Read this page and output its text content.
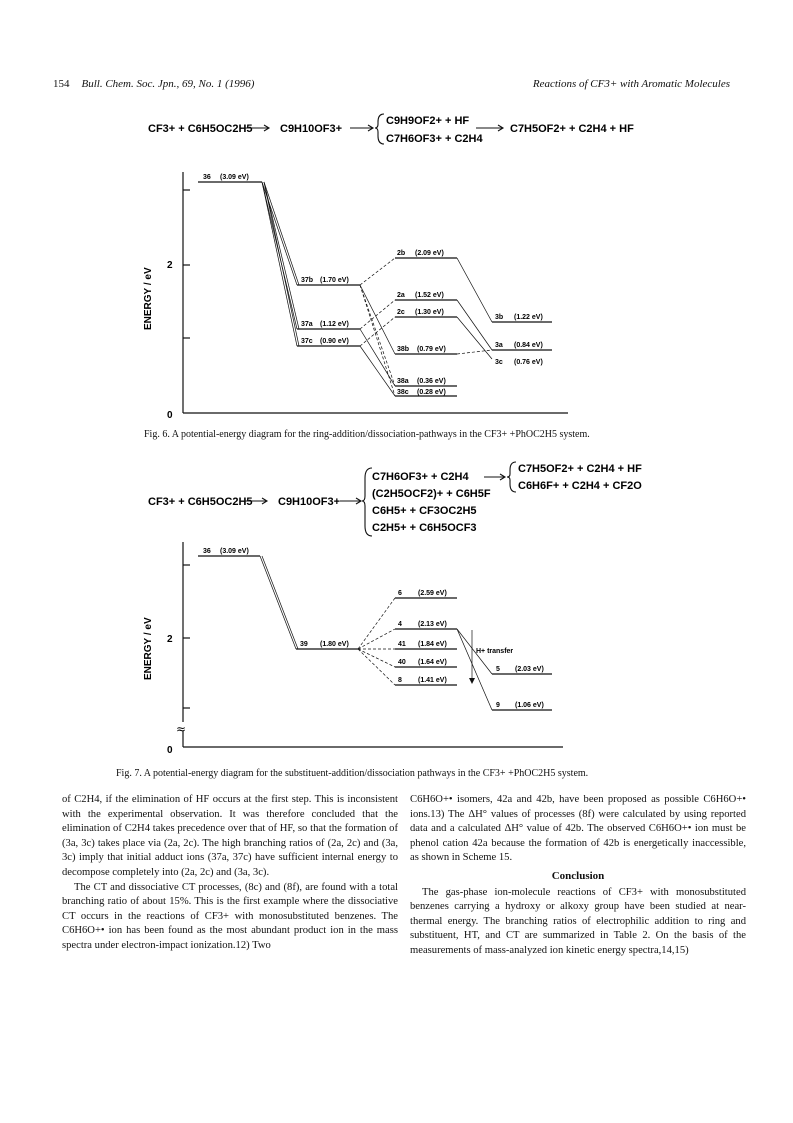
154 Bull. Chem. Soc. Jpn., 69, No. 1 (1996)	Reactions of CF3+ with Aromatic Molecules
CF3+ + C6H5OC2H5 C9H10OF3+
C9H9OF2+ + HF
C7H6OF3+ + C2H4
C7H5OF2+ + C2H4 + HF
ENERGY / eV
2
0
36 (3.09 eV)
2b (2.09 eV)
37b (1.70 eV)
2a (1.52 eV)
2c (1.30 eV)
3b (1.22 eV)
37a (1.12 eV)
37c (0.90 eV)
38b (0.79 eV)
3a (0.84 eV)
3c (0.76 eV)
38a (0.36 eV)
38c (0.28 eV)
Fig. 6. A potential-energy diagram for the ring-addition/dissociation-pathways in the CF3+ +PhOC2H5 system.
CF3+ + C6H5OC2H5 C9H10OF3+
C7H6OF3+ + C2H4
(C2H5OCF2)+ + C6H5F
C6H5+ + CF3OC2H5
C2H5+ + C6H5OCF3
C7H5OF2+ + C2H4 + HF
C6H6F+ + C2H4 + CF2O
≈
ENERGY / eV 2
0
36 (3.09 eV)
39 (1.80 eV)
6 (2.59 eV)
4 (2.13 eV)
41 (1.84 eV)
40 (1.64 eV)
8 (1.41 eV)
5 (2.03 eV)
9 (1.06 eV)
H+ transfer
Fig. 7. A potential-energy diagram for the substituent-addition/dissociation pathways in the CF3+ +PhOC2H5 system.

of C2H4, if the elimination of HF occurs at the first step. This is inconsistent with the experimental observation. It was therefore concluded that the elimination of C2H4 takes precedence over that of HF, so that the formation of (3a, 3c) takes place via (2a, 2c). The high branching ratios of (2a, 2c) and (3a, 3c) imply that initial adduct ions (37a, 37c) have sufficient internal energy to decompose completely into (2a, 2c) and (3a, 3c).

The CT and dissociative CT processes, (8c) and (8f), are found with a total branching ratio of about 15%. This is the first example where the dissociative CT occurs in the reactions of CF3+ with monosubstituted benzenes. The C6H6O+• ion has been found as the most abundant product ion in the mass spectra under electron-impact ionization.12) Two

C6H6O+• isomers, 42a and 42b, have been proposed as possible C6H6O+• ions.13) The ΔH° values of processes (8f) were calculated by using reported data and a calculated ΔH° value of 42b. The observed C6H6O+• ion must be phenol cation 42a because the formation of 42b is energetically inaccessible, as shown in Scheme 15.

Conclusion

The gas-phase ion-molecule reactions of CF3+ with monosubstituted benzenes carrying a hydroxy or alkoxy group have been studied at near-thermal energy. The branching ratios of electrophilic addition to ring and substituent, HT, and CT are summarized in Table 2. On the basis of the measurements of mass-analyzed ion kinetic energy spectra,14,15)
